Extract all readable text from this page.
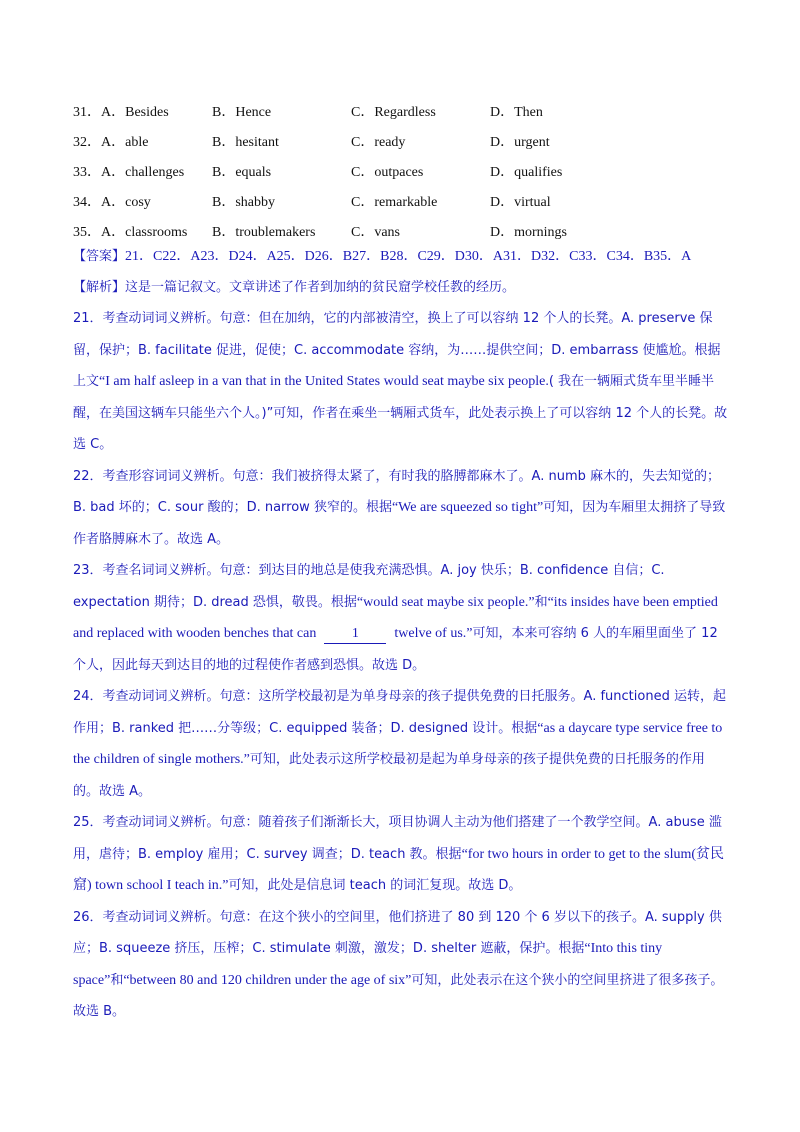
31．A．Besides	B．Hence	C．Regardless	D．Then
32．A．able	B．hesitant	C．ready	D．urgent
33．A．challenges	B．equals	C．outpaces	D．qualifies
34．A．cosy	B．shabby	C．remarkable	D．virtual
35．A．classrooms	B．troublemakers	C．vans	D．mornings
【答案】21．C22．A23．D24．A25．D26．B27．B28．C29．D30．A31．D32．C33．C34．B35．A
【解析】这是一篇记叙文。文章讲述了作者到加纳的贫民窟学校任教的经历。

21．考查动词词义辨析。句意：但在加纳，它的内部被清空，换上了可以容纳 12 个人的长凳。A. preserve 保留，保护；B. facilitate 促进，促使；C. accommodate 容纳，为……提供空间；D. embarrass 使尴尬。根据上文“I am half asleep in a van that in the United States would seat maybe six people.( 我在一辆厢式货车里半睡半醒，在美国这辆车只能坐六个人。)”可知，作者在乘坐一辆厢式货车，此处表示换上了可以容纳 12 个人的长凳。故选 C。

22．考查形容词词义辨析。句意：我们被挤得太紧了，有时我的胳膊都麻木了。A. numb 麻木的，失去知觉的；B. bad 坏的；C. sour 酸的；D. narrow 狭窄的。根据“We are squeezed so tight”可知，因为车厢里太拥挤了导致作者胳膊麻木了。故选 A。

23．考查名词词义辨析。句意：到达目的地总是使我充满恐惧。A. joy 快乐；B. confidence 自信；C. expectation 期待；D. dread 恐惧，敬畏。根据“would seat maybe six people.”和“its insides have been emptied and replaced with wooden benches that can	1	twelve of us.”可知，本来可容纳 6 人的车厢里面坐了 12 个人，因此每天到达目的地的过程使作者感到恐惧。故选 D。

24．考查动词词义辨析。句意：这所学校最初是为单身母亲的孩子提供免费的日托服务。A. functioned 运转，起作用；B. ranked 把……分等级；C. equipped 装备；D. designed 设计。根据“as a daycare type service free to the children of single mothers.”可知，此处表示这所学校最初是起为单身母亲的孩子提供免费的日托服务的作用的。故选 A。

25．考查动词词义辨析。句意：随着孩子们渐渐长大，项目协调人主动为他们搭建了一个教学空间。A. abuse 滥用，虐待；B. employ 雇用；C. survey 调查；D. teach 教。根据“for two hours in order to get to the slum(贫民窟) town school I teach in.”可知，此处是信息词 teach 的词汇复现。故选 D。

26．考查动词词义辨析。句意：在这个狭小的空间里，他们挤进了 80 到 120 个 6 岁以下的孩子。A. supply 供应；B. squeeze 挤压，压榨；C. stimulate 刺激，激发；D. shelter 遮蔽，保护。根据“Into this tiny space”和“between 80 and 120 children under the age of six”可知，此处表示在这个狭小的空间里挤进了很多孩子。故选 B。
